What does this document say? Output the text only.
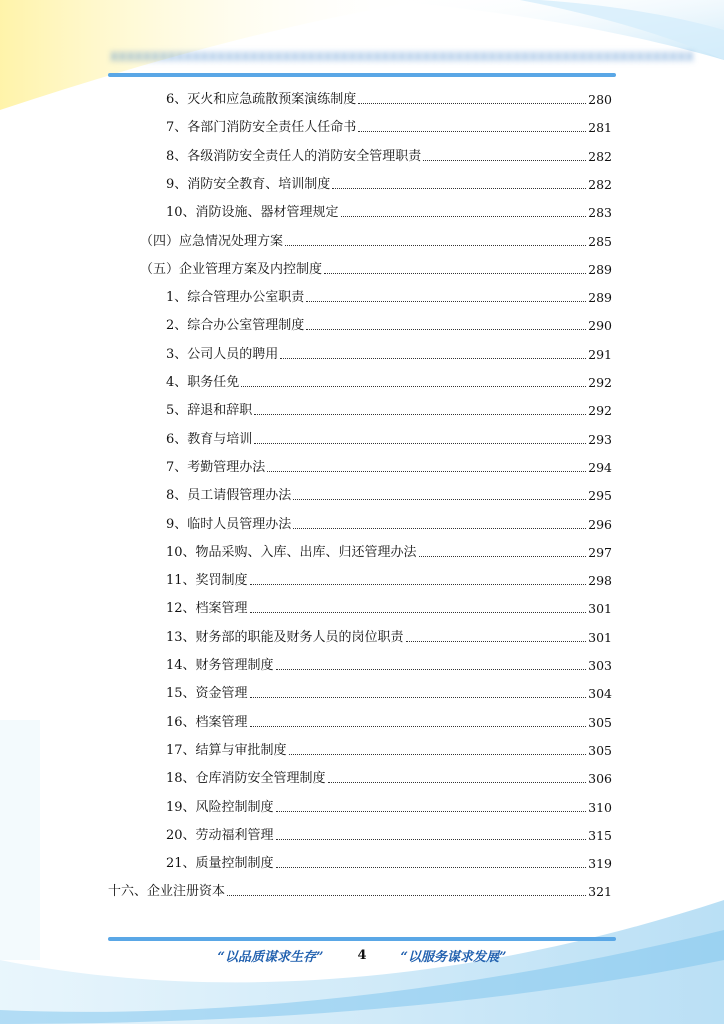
XXXXXXXXXXXXXXXXXXXXXXXXXXXXXXXXXXXXXXXXXXXXXXXXXXXXXXXXXXXXXXXXXXXXXXX
6、灭火和应急疏散预案演练制度	280
7、各部门消防安全责任人任命书	281
8、各级消防安全责任人的消防安全管理职责	282
9、消防安全教育、培训制度	282
10、消防设施、器材管理规定	283
（四）应急情况处理方案	285
（五）企业管理方案及内控制度	289
1、综合管理办公室职责	289
2、综合办公室管理制度	290
3、公司人员的聘用	291
4、职务任免	292
5、辞退和辞职	292
6、教育与培训	293
7、考勤管理办法	294
8、员工请假管理办法	295
9、临时人员管理办法	296
10、物品采购、入库、出库、归还管理办法	297
11、奖罚制度	298
12、档案管理	301
13、财务部的职能及财务人员的岗位职责	301
14、财务管理制度	303
15、资金管理	304
16、档案管理	305
17、结算与审批制度	305
18、仓库消防安全管理制度	306
19、风险控制制度	310
20、劳动福利管理	315
21、质量控制制度	319
十六、企业注册资本	321
“以品质谋求生存”	4	“以服务谋求发展”
